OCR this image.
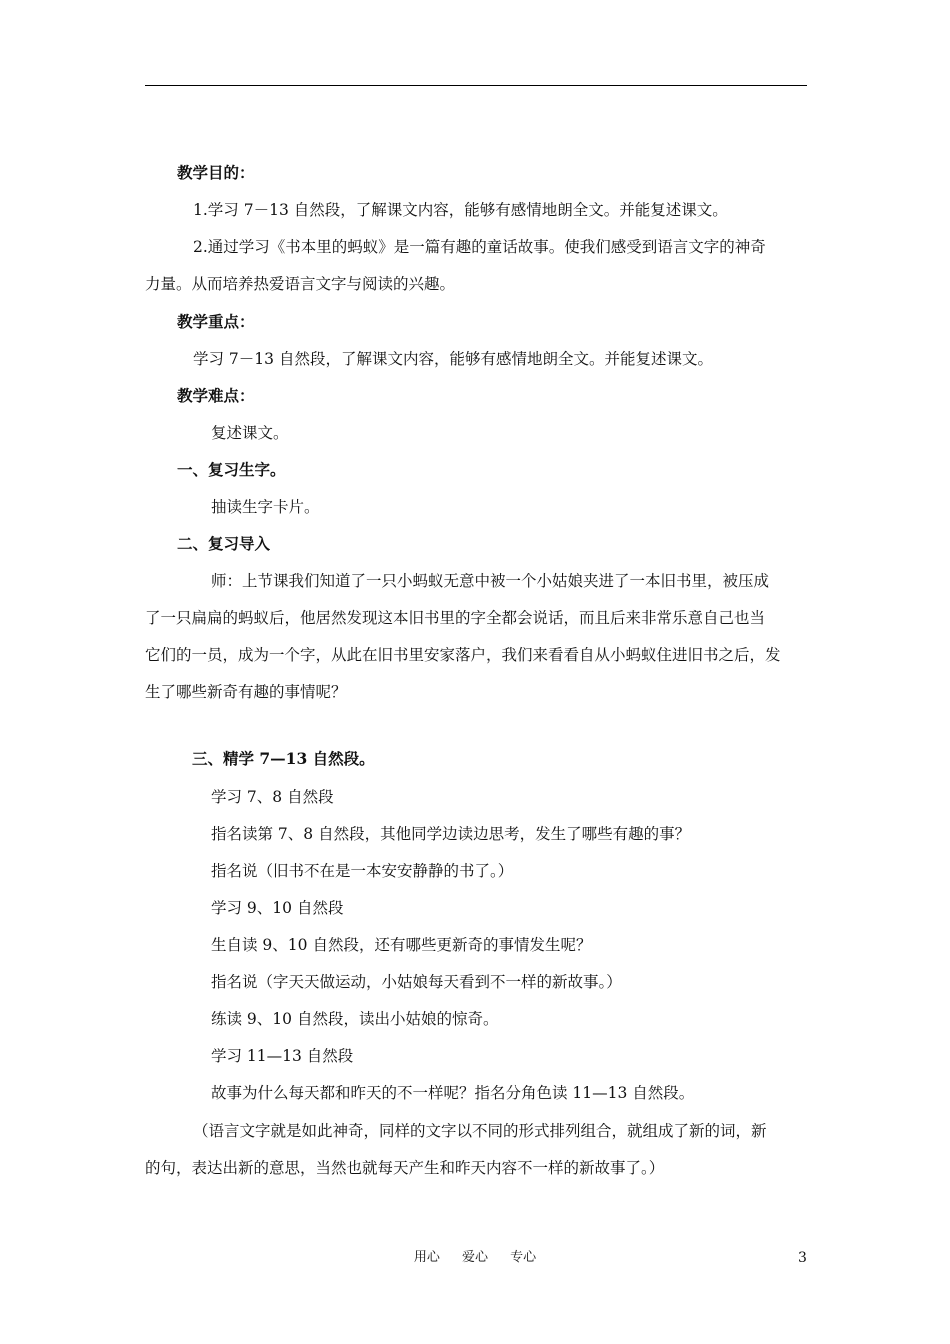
教学目的：
1.学习 7－13 自然段，了解课文内容，能够有感情地朗全文。并能复述课文。
2.通过学习《书本里的蚂蚁》是一篇有趣的童话故事。使我们感受到语言文字的神奇
力量。从而培养热爱语言文字与阅读的兴趣。
教学重点：
学习 7－13 自然段，了解课文内容，能够有感情地朗全文。并能复述课文。
教学难点：
复述课文。
一、复习生字。
抽读生字卡片。
二、复习导入
师：上节课我们知道了一只小蚂蚁无意中被一个小姑娘夹进了一本旧书里，被压成
了一只扁扁的蚂蚁后，他居然发现这本旧书里的字全都会说话，而且后来非常乐意自己也当
它们的一员，成为一个字，从此在旧书里安家落户，我们来看看自从小蚂蚁住进旧书之后，发
生了哪些新奇有趣的事情呢？
三、精学 7—13 自然段。
学习 7、8 自然段
指名读第 7、8 自然段，其他同学边读边思考，发生了哪些有趣的事？
指名说（旧书不在是一本安安静静的书了。）
学习 9、10 自然段
生自读 9、10 自然段，还有哪些更新奇的事情发生呢？
指名说（字天天做运动，小姑娘每天看到不一样的新故事。）
练读 9、10 自然段，读出小姑娘的惊奇。
学习 11—13 自然段
故事为什么每天都和昨天的不一样呢？指名分角色读 11—13 自然段。
（语言文字就是如此神奇，同样的文字以不同的形式排列组合，就组成了新的词，新
的句，表达出新的意思，当然也就每天产生和昨天内容不一样的新故事了。）
用心 爱心 专心	3
